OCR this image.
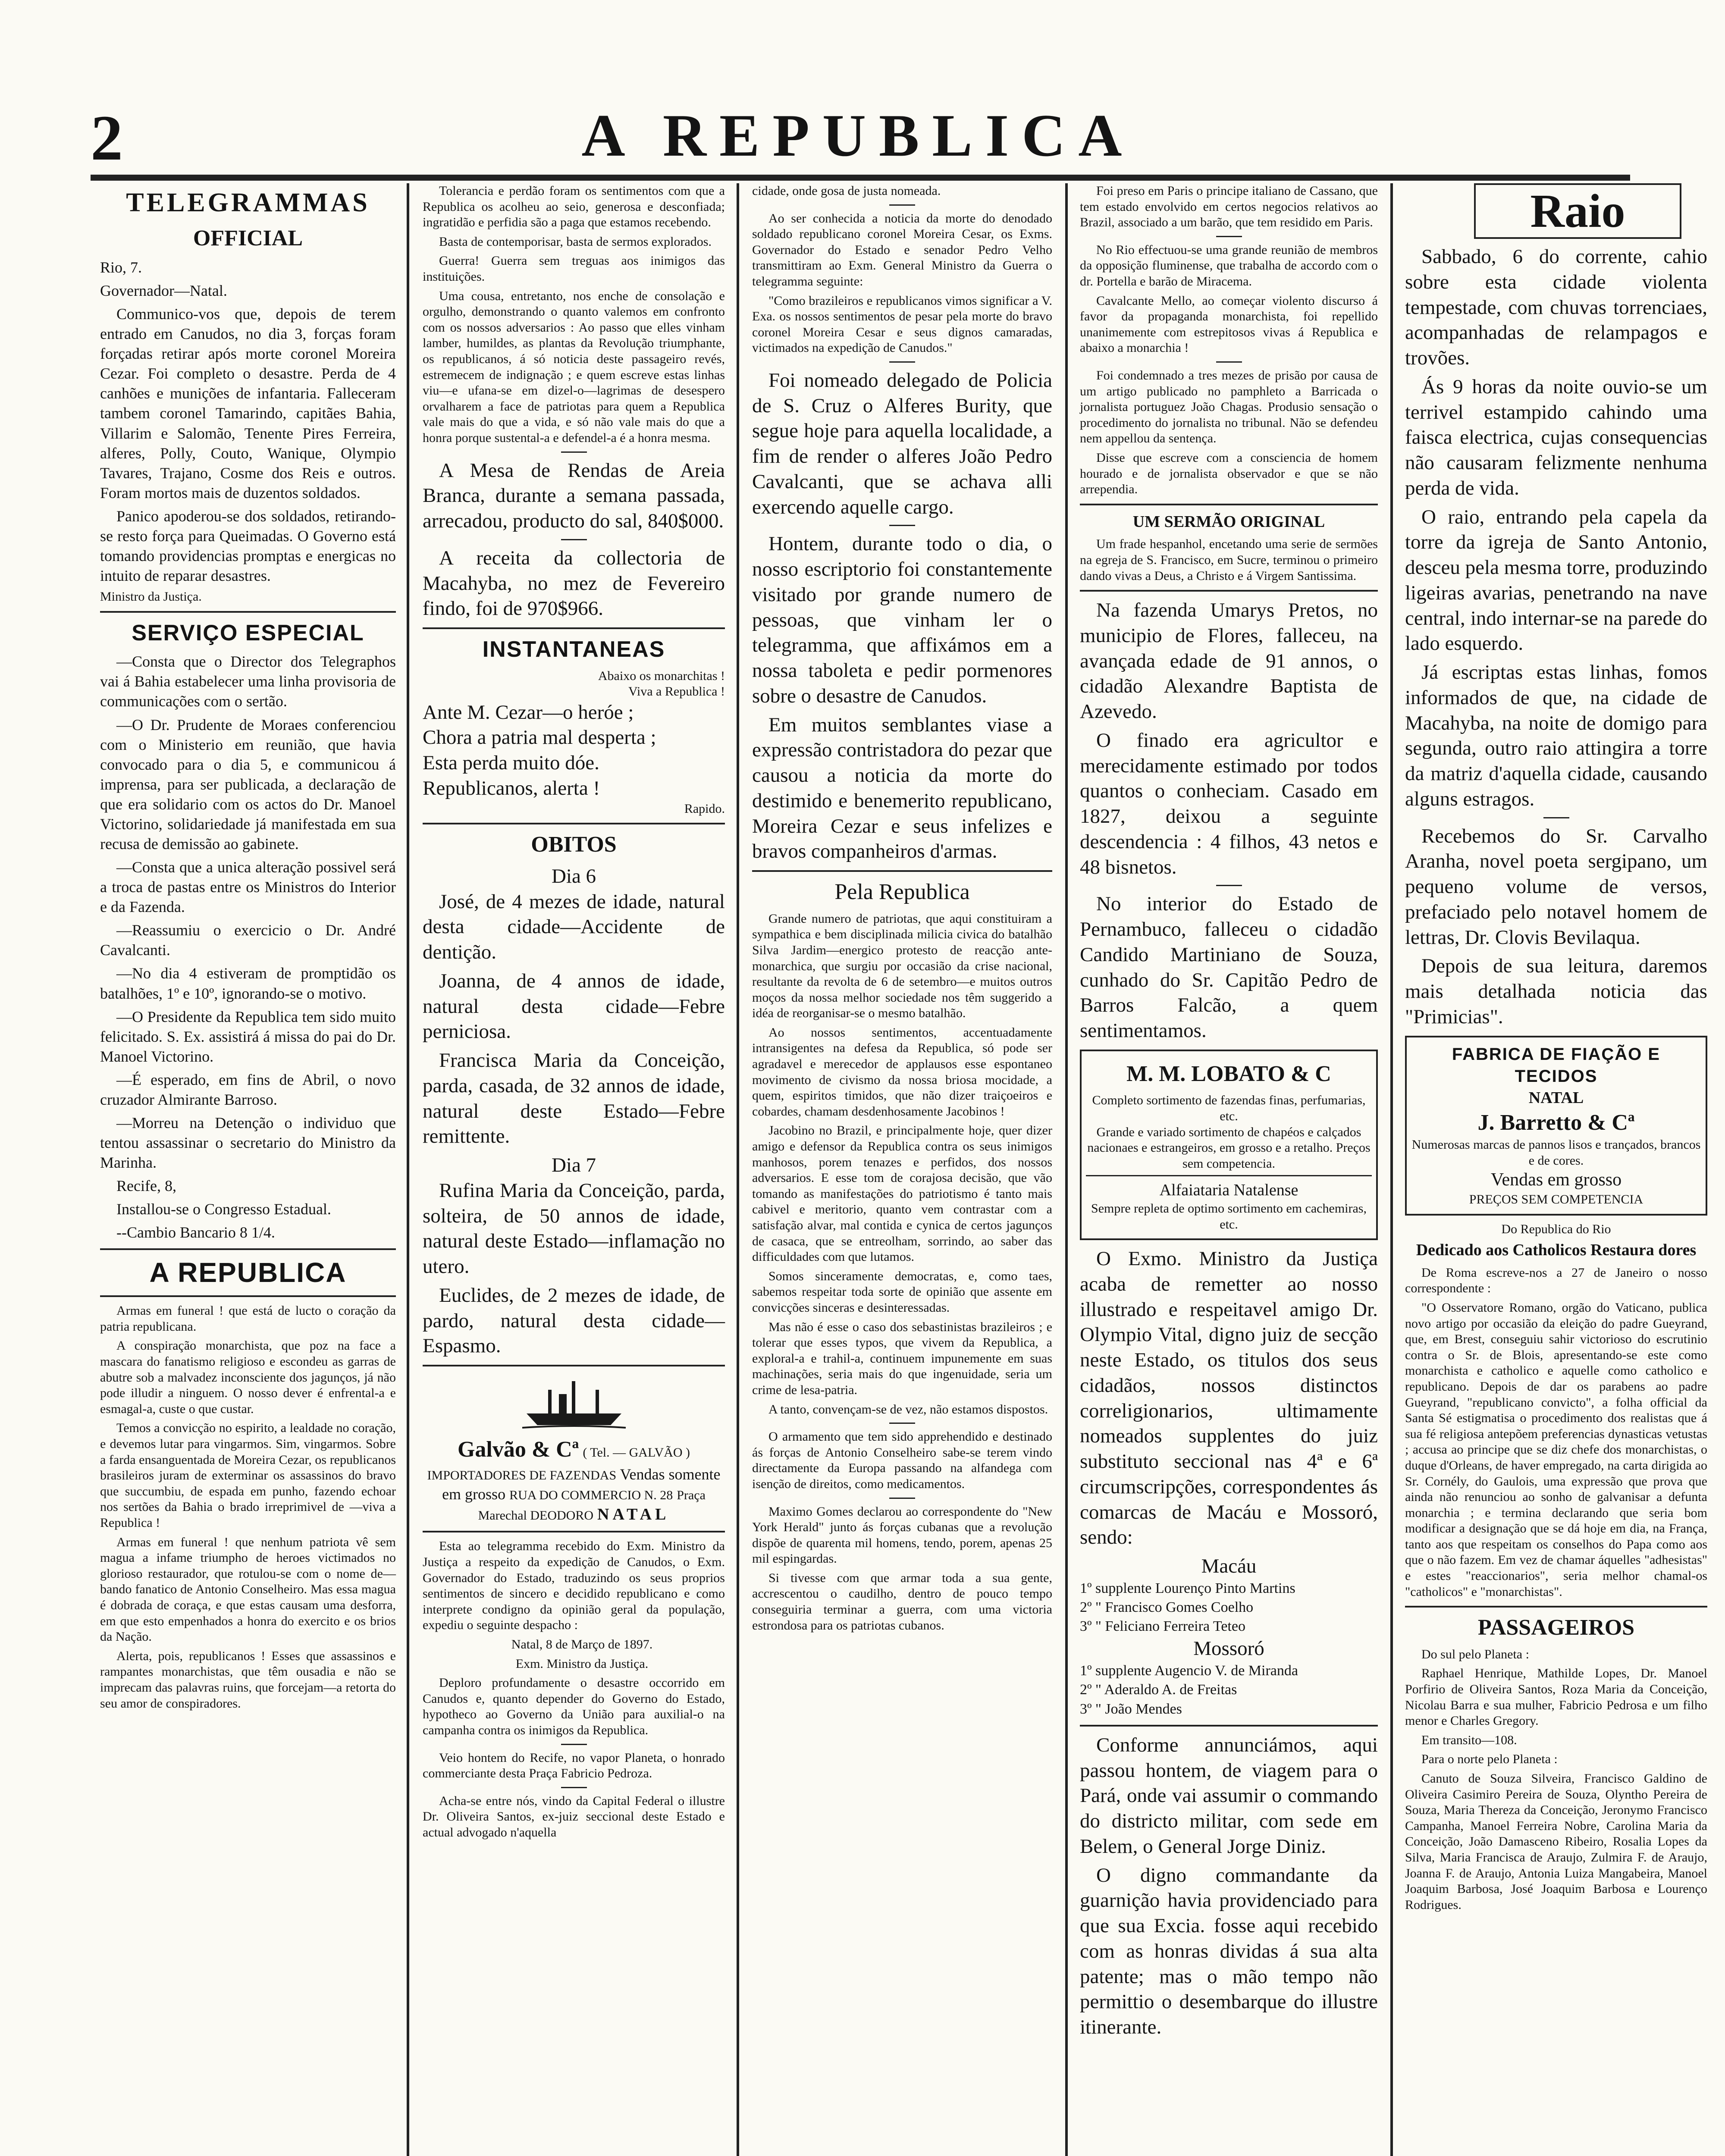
2	A REPUBLICA
TELEGRAMMAS
OFFICIAL

Rio, 7.

Governador—Natal.

Communico-vos que, depois de terem entrado em Canudos, no dia 3, forças foram forçadas retirar após morte coronel Moreira Cezar. Foi completo o desastre. Perda de 4 canhões e munições de infantaria. Falleceram tambem coronel Tamarindo, capitães Bahia, Villarim e Salomão, Tenente Pires Ferreira, alferes, Polly, Couto, Wanique, Olympio Tavares, Trajano, Cosme dos Reis e outros. Foram mortos mais de duzentos soldados.

Panico apoderou-se dos soldados, retirando-se resto força para Queimadas. O Governo está tomando providencias promptas e energicas no intuito de reparar desastres.

Ministro da Justiça.

SERVIÇO ESPECIAL

—Consta que o Director dos Telegraphos vai á Bahia estabelecer uma linha provisoria de communicações com o sertão.

—O Dr. Prudente de Moraes conferenciou com o Ministerio em reunião, que havia convocado para o dia 5, e communicou á imprensa, para ser publicada, a declaração de que era solidario com os actos do Dr. Manoel Victorino, solidariedade já manifestada em sua recusa de demissão ao gabinete.

—Consta que a unica alteração possivel será a troca de pastas entre os Ministros do Interior e da Fazenda.

—Reassumiu o exercicio o Dr. André Cavalcanti.

—No dia 4 estiveram de promptidão os batalhões, 1º e 10º, ignorando-se o motivo.

—O Presidente da Republica tem sido muito felicitado. S. Ex. assistirá á missa do pai do Dr. Manoel Victorino.

—É esperado, em fins de Abril, o novo cruzador Almirante Barroso.

—Morreu na Detenção o individuo que tentou assassinar o secretario do Ministro da Marinha.

Recife, 8,

Installou-se o Congresso Estadual.

--Cambio Bancario 8 1/4.

A REPUBLICA

Armas em funeral ! que está de lucto o coração da patria republicana.

A conspiração monarchista, que poz na face a mascara do fanatismo religioso e escondeu as garras de abutre sob a malvadez inconsciente dos jagunços, já não pode illudir a ninguem. O nosso dever é enfrental-a e esmagal-a, custe o que custar.

Temos a convicção no espirito, a lealdade no coração, e devemos lutar para vingarmos. Sim, vingarmos. Sobre a farda ensanguentada de Moreira Cezar, os republicanos brasileiros juram de exterminar os assassinos do bravo que succumbiu, de espada em punho, fazendo echoar nos sertões da Bahia o brado irreprimivel de —viva a Republica !

Armas em funeral ! que nenhum patriota vê sem magua a infame triumpho de heroes victimados no glorioso restaurador, que rotulou-se com o nome de—bando fanatico de Antonio Conselheiro. Mas essa magua é dobrada de coraça, e que estas causam uma desforra, em que esto empenhados a honra do exercito e os brios da Nação.

Alerta, pois, republicanos ! Esses que assassinos e rampantes monarchistas, que têm ousadia e não se imprecam das palavras ruins, que forcejam—a retorta do seu amor de conspiradores.

Tolerancia e perdão foram os sentimentos com que a Republica os acolheu ao seio, generosa e desconfiada; ingratidão e perfidia são a paga que estamos recebendo.

Basta de contemporisar, basta de sermos explorados.

Guerra! Guerra sem treguas aos inimigos das instituições.

Uma cousa, entretanto, nos enche de consolação e orgulho, demonstrando o quanto valemos em confronto com os nossos adversarios : Ao passo que elles vinham lamber, humildes, as plantas da Revolução triumphante, os republicanos, á só noticia deste passageiro revés, estremecem de indignação ; e quem escreve estas linhas viu—e ufana-se em dizel-o—lagrimas de desespero orvalharem a face de patriotas para quem a Republica vale mais do que a vida, e só não vale mais do que a honra porque sustental-a e defendel-a é a honra mesma.

A Mesa de Rendas de Areia Branca, durante a semana passada, arrecadou, producto do sal, 840$000.

A receita da collectoria de Macahyba, no mez de Fevereiro findo, foi de 970$966.

INSTANTANEAS
Abaixo os monarchitas !
Viva a Republica !
Ante M. Cezar—o heróe ;
Chora a patria mal desperta ;
Esta perda muito dóe.
Republicanos, alerta !
Rapido.
OBITOS
Dia 6

José, de 4 mezes de idade, natural desta cidade—Accidente de dentição.

Joanna, de 4 annos de idade, natural desta cidade—Febre perniciosa.

Francisca Maria da Conceição, parda, casada, de 32 annos de idade, natural deste Estado—Febre remittente.

Dia 7

Rufina Maria da Conceição, parda, solteira, de 50 annos de idade, natural deste Estado—inflamação no utero.

Euclides, de 2 mezes de idade, de pardo, natural desta cidade—Espasmo.

Galvão & Cª ( Tel. — GALVÃO ) IMPORTADORES DE FAZENDAS Vendas somente em grosso RUA DO COMMERCIO N. 28 Praça Marechal DEODORO NATAL

Esta ao telegramma recebido do Exm. Ministro da Justiça a respeito da expedição de Canudos, o Exm. Governador do Estado, traduzindo os seus proprios sentimentos de sincero e decidido republicano e como interprete condigno da opinião geral da população, expediu o seguinte despacho :

Natal, 8 de Março de 1897.

Exm. Ministro da Justiça.

Deploro profundamente o desastre occorrido em Canudos e, quanto depender do Governo do Estado, hypotheco ao Governo da União para auxilial-o na campanha contra os inimigos da Republica.

Veio hontem do Recife, no vapor Planeta, o honrado commerciante desta Praça Fabricio Pedroza.

Acha-se entre nós, vindo da Capital Federal o illustre Dr. Oliveira Santos, ex-juiz seccional deste Estado e actual advogado n'aquella

cidade, onde gosa de justa nomeada.

Ao ser conhecida a noticia da morte do denodado soldado republicano coronel Moreira Cesar, os Exms. Governador do Estado e senador Pedro Velho transmittiram ao Exm. General Ministro da Guerra o telegramma seguinte:

"Como brazileiros e republicanos vimos significar a V. Exa. os nossos sentimentos de pesar pela morte do bravo coronel Moreira Cesar e seus dignos camaradas, victimados na expedição de Canudos."

Foi nomeado delegado de Policia de S. Cruz o Alferes Burity, que segue hoje para aquella localidade, a fim de render o alferes João Pedro Cavalcanti, que se achava alli exercendo aquelle cargo.

Hontem, durante todo o dia, o nosso escriptorio foi constantemente visitado por grande numero de pessoas, que vinham ler o telegramma, que affixámos em a nossa taboleta e pedir pormenores sobre o desastre de Canudos.

Em muitos semblantes viase a expressão contristadora do pezar que causou a noticia da morte do destimido e benemerito republicano, Moreira Cezar e seus infelizes e bravos companheiros d'armas.

Pela Republica

Grande numero de patriotas, que aqui constituiram a sympathica e bem disciplinada milicia civica do batalhão Silva Jardim—energico protesto de reacção ante-monarchica, que surgiu por occasião da crise nacional, resultante da revolta de 6 de setembro—e muitos outros moços da nossa melhor sociedade nos têm suggerido a idéa de reorganisar-se o mesmo batalhão.

Ao nossos sentimentos, accentuadamente intransigentes na defesa da Republica, só pode ser agradavel e merecedor de applausos esse espontaneo movimento de civismo da nossa briosa mocidade, a quem, espiritos timidos, que não dizer traiçoeiros e cobardes, chamam desdenhosamente Jacobinos !

Jacobino no Brazil, e principalmente hoje, quer dizer amigo e defensor da Republica contra os seus inimigos manhosos, porem tenazes e perfidos, dos nossos adversarios. E esse tom de corajosa decisão, que vão tomando as manifestações do patriotismo é tanto mais cabivel e meritorio, quanto vem contrastar com a satisfação alvar, mal contida e cynica de certos jagunços de casaca, que se entreolham, sorrindo, ao saber das difficuldades com que lutamos.

Somos sinceramente democratas, e, como taes, sabemos respeitar toda sorte de opinião que assente em convicções sinceras e desinteressadas.

Mas não é esse o caso dos sebastinistas brazileiros ; e tolerar que esses typos, que vivem da Republica, a exploral-a e trahil-a, continuem impunemente em suas machinações, seria mais do que ingenuidade, seria um crime de lesa-patria.

A tanto, convençam-se de vez, não estamos dispostos.

O armamento que tem sido apprehendido e destinado ás forças de Antonio Conselheiro sabe-se terem vindo directamente da Europa passando na alfandega com isenção de direitos, como medicamentos.

Maximo Gomes declarou ao correspondente do "New York Herald" junto ás forças cubanas que a revolução dispõe de quarenta mil homens, tendo, porem, apenas 25 mil espingardas.

Si tivesse com que armar toda a sua gente, accrescentou o caudilho, dentro de pouco tempo conseguiria terminar a guerra, com uma victoria estrondosa para os patriotas cubanos.

Foi preso em Paris o principe italiano de Cassano, que tem estado envolvido em certos negocios relativos ao Brazil, associado a um barão, que tem residido em Paris.

No Rio effectuou-se uma grande reunião de membros da opposição fluminense, que trabalha de accordo com o dr. Portella e barão de Miracema.

Cavalcante Mello, ao começar violento discurso á favor da propaganda monarchista, foi repellido unanimemente com estrepitosos vivas á Republica e abaixo a monarchia !

Foi condemnado a tres mezes de prisão por causa de um artigo publicado no pamphleto a Barricada o jornalista portuguez João Chagas. Produsio sensação o procedimento do jornalista no tribunal. Não se defendeu nem appellou da sentença.

Disse que escreve com a consciencia de homem hourado e de jornalista observador e que se não arrependia.

UM SERMÃO ORIGINAL

Um frade hespanhol, encetando uma serie de sermões na egreja de S. Francisco, em Sucre, terminou o primeiro dando vivas a Deus, a Christo e á Virgem Santissima.

Na fazenda Umarys Pretos, no municipio de Flores, falleceu, na avançada edade de 91 annos, o cidadão Alexandre Baptista de Azevedo.

O finado era agricultor e merecidamente estimado por todos quantos o conheciam. Casado em 1827, deixou a seguinte descendencia : 4 filhos, 43 netos e 48 bisnetos.

No interior do Estado de Pernambuco, falleceu o cidadão Candido Martiniano de Souza, cunhado do Sr. Capitão Pedro de Barros Falcão, a quem sentimentamos.

M. M. LOBATO & C
Completo sortimento de fazendas finas, perfumarias, etc.
Grande e variado sortimento de chapéos e calçados nacionaes e estrangeiros, em grosso e a retalho. Preços sem competencia.
Alfaiataria Natalense
Sempre repleta de optimo sortimento em cachemiras, etc.

O Exmo. Ministro da Justiça acaba de remetter ao nosso illustrado e respeitavel amigo Dr. Olympio Vital, digno juiz de secção neste Estado, os titulos dos seus cidadãos, nossos distinctos correligionarios, ultimamente nomeados supplentes do juiz substituto seccional nas 4ª e 6ª circumscripções, correspondentes ás comarcas de Macáu e Mossoró, sendo:

Macáu
1º supplente Lourenço Pinto Martins
2º " Francisco Gomes Coelho
3º " Feliciano Ferreira Teteo
Mossoró
1º supplente Augencio V. de Miranda
2º " Aderaldo A. de Freitas
3º " João Mendes

Conforme annunciámos, aqui passou hontem, de viagem para o Pará, onde vai assumir o commando do districto militar, com sede em Belem, o General Jorge Diniz.

O digno commandante da guarnição havia providenciado para que sua Excia. fosse aqui recebido com as honras dividas á sua alta patente; mas o mão tempo não permittio o desembarque do illustre itinerante.

Raio

Sabbado, 6 do corrente, cahio sobre esta cidade violenta tempestade, com chuvas torrenciaes, acompanhadas de relampagos e trovões.

Ás 9 horas da noite ouvio-se um terrivel estampido cahindo uma faisca electrica, cujas consequencias não causaram felizmente nenhuma perda de vida.

O raio, entrando pela capela da torre da igreja de Santo Antonio, desceu pela mesma torre, produzindo ligeiras avarias, penetrando na nave central, indo internar-se na parede do lado esquerdo.

Já escriptas estas linhas, fomos informados de que, na cidade de Macahyba, na noite de domigo para segunda, outro raio attingira a torre da matriz d'aquella cidade, causando alguns estragos.

Recebemos do Sr. Carvalho Aranha, novel poeta sergipano, um pequeno volume de versos, prefaciado pelo notavel homem de lettras, Dr. Clovis Bevilaqua.

Depois de sua leitura, daremos mais detalhada noticia das "Primicias".

FABRICA DE FIAÇÃO E TECIDOS
NATAL
J. Barretto & Cª
Numerosas marcas de pannos lisos e trançados, brancos e de cores.
Vendas em grosso
PREÇOS SEM COMPETENCIA
Do Republica do Rio
Dedicado aos Catholicos Restaura dores

De Roma escreve-nos a 27 de Janeiro o nosso correspondente :

"O Osservatore Romano, orgão do Vaticano, publica novo artigo por occasião da eleição do padre Gueyrand, que, em Brest, conseguiu sahir victorioso do escrutinio contra o Sr. de Blois, apresentando-se este como monarchista e catholico e aquelle como catholico e republicano. Depois de dar os parabens ao padre Gueyrand, "republicano convicto", a folha official da Santa Sé estigmatisa o procedimento dos realistas que á sua fé religiosa antepõem preferencias dynasticas vetustas ; accusa ao principe que se diz chefe dos monarchistas, o duque d'Orleans, de haver empregado, na carta dirigida ao Sr. Cornély, do Gaulois, uma expressão que prova que ainda não renunciou ao sonho de galvanisar a defunta monarchia ; e termina declarando que seria bom modificar a designação que se dá hoje em dia, na França, tanto aos que respeitam os conselhos do Papa como aos que o não fazem. Em vez de chamar áquelles "adhesistas" e estes "reaccionarios", seria melhor chamal-os "catholicos" e "monarchistas".

PASSAGEIROS

Do sul pelo Planeta :

Raphael Henrique, Mathilde Lopes, Dr. Manoel Porfirio de Oliveira Santos, Roza Maria da Conceição, Nicolau Barra e sua mulher, Fabricio Pedrosa e um filho menor e Charles Gregory.

Em transito—108.

Para o norte pelo Planeta :

Canuto de Souza Silveira, Francisco Galdino de Oliveira Casimiro Pereira de Souza, Olyntho Pereira de Souza, Maria Thereza da Conceição, Jeronymo Francisco Campanha, Manoel Ferreira Nobre, Carolina Maria da Conceição, João Damasceno Ribeiro, Rosalia Lopes da Silva, Maria Francisca de Araujo, Zulmira F. de Araujo, Joanna F. de Araujo, Antonia Luiza Mangabeira, Manoel Joaquim Barbosa, José Joaquim Barbosa e Lourenço Rodrigues.
